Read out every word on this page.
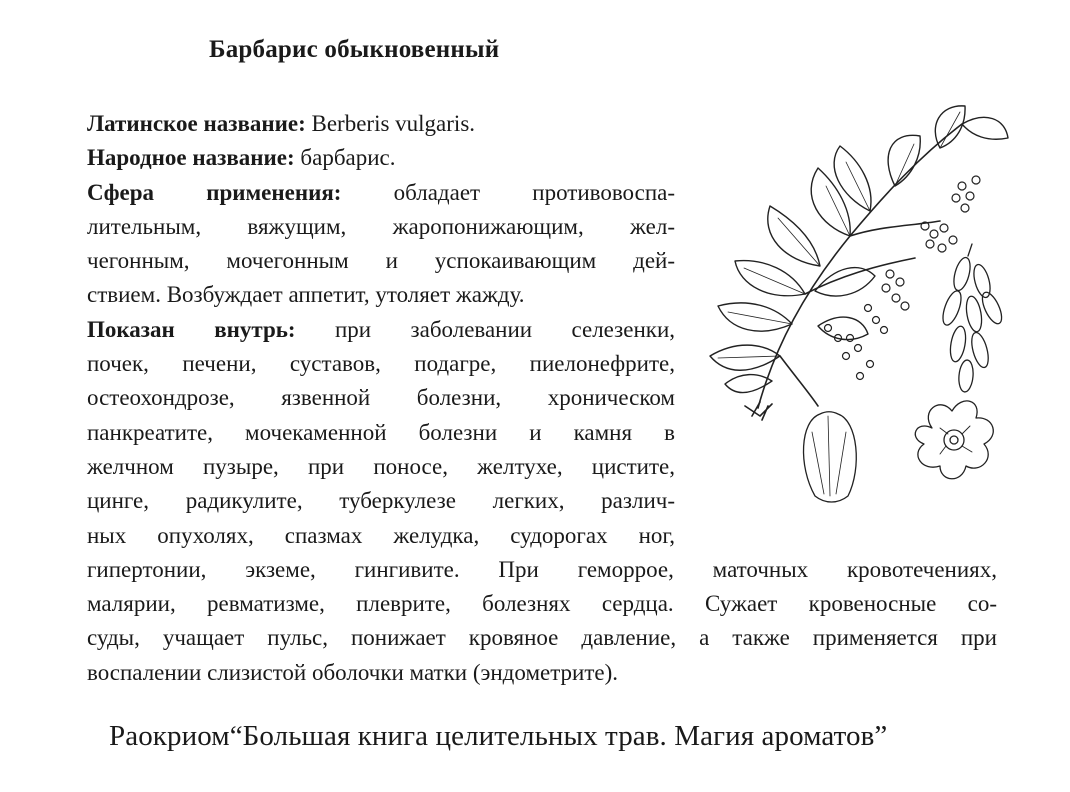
Барбарис обыкновенный
Латинское название: Berberis vulgaris.
Народное название: барбарис.
Сфера применения: обладает противовоспа-
лительным, вяжущим, жаропонижающим, жел-
чегонным, мочегонным и успокаивающим дей-
ствием. Возбуждает аппетит, утоляет жажду.
Показан внутрь: при заболевании селезенки,
почек, печени, суставов, подагре, пиелонефрите,
остеохондрозе, язвенной болезни, хроническом
панкреатите, мочекаменной болезни и камня в
желчном пузыре, при поносе, желтухе, цистите,
цинге, радикулите, туберкулезе легких, различ-
ных опухолях, спазмах желудка, судорогах ног,
гипертонии, экземе, гингивите. При геморрое, маточных кровотечениях,
малярии, ревматизме, плеврите, болезнях сердца. Сужает кровеносные со-
суды, учащает пульс, понижает кровяное давление, а также применяется при
воспалении слизистой оболочки матки (эндометрите).
Раокриом“Большая книга целительных трав. Магия ароматов”
